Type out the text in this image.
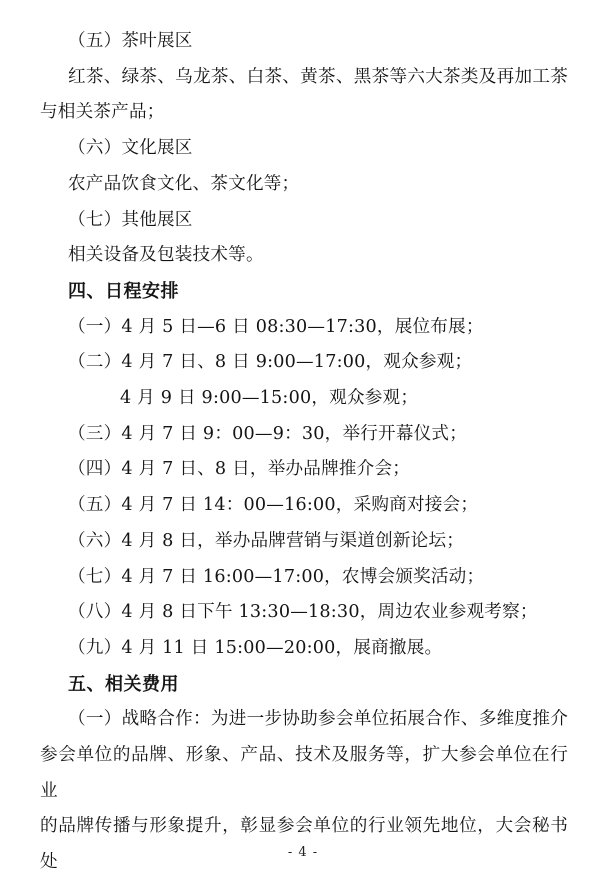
（五）茶叶展区
红茶、绿茶、乌龙茶、白茶、黄茶、黑茶等六大茶类及再加工茶
与相关茶产品；
（六）文化展区
农产品饮食文化、茶文化等；
（七）其他展区
相关设备及包装技术等。
四、日程安排
（一）4 月 5 日—6 日 08:30—17:30，展位布展；
（二）4 月 7 日、8 日 9:00—17:00，观众参观；
4 月 9 日 9:00—15:00，观众参观；
（三）4 月 7 日 9：00—9：30，举行开幕仪式；
（四）4 月 7 日、8 日，举办品牌推介会；
（五）4 月 7 日 14：00—16:00，采购商对接会；
（六）4 月 8 日，举办品牌营销与渠道创新论坛；
（七）4 月 7 日 16:00—17:00，农博会颁奖活动；
（八）4 月 8 日下午 13:30—18:30，周边农业参观考察；
（九）4 月 11 日 15:00—20:00，展商撤展。
五、相关费用
（一）战略合作：为进一步协助参会单位拓展合作、多维度推介
参会单位的品牌、形象、产品、技术及服务等，扩大参会单位在行业
的品牌传播与形象提升，彰显参会单位的行业领先地位，大会秘书处	- 4 -
